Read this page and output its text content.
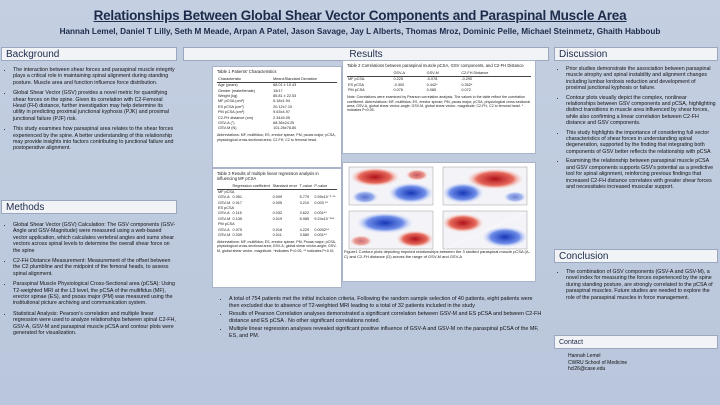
Relationships Between Global Shear Vector Components and Paraspinal Muscle Area
Hannah Lemel, Daniel T Lilly, Seth M Meade, Arpan A Patel, Jason Savage, Jay L Alberts, Thomas Mroz, Dominic Pelle, Michael Steinmetz, Ghaith Habboub
Background
• The interaction between shear forces and paraspinal muscle integrity plays a critical role in maintaining spinal alignment during standing posture. Muscle area and function influence force distribution.
• Global Shear Vector (GSV) provides a novel metric for quantifying shear forces on the spine. Given its correlation with C2-Femoral Head (FH) distance, further investigation may help determine its utility in predicting proximal junctional kyphosis (PJK) and proximal junctional failure (PJF) risk.
• This study examines how paraspinal area relates to the shear forces experienced by the spine. A better understanding of this relationship may provide insights into factors contributing to junctional failure and postoperative alignment.
Methods
• Global Shear Vector (GSV) Calculation: The GSV components (GSV-Angle and GSV-Magnitude) were measured using a web-based vector application, which calculates vertebral angles and sums shear vectors across spinal levels to determine the overall shear force on the spine
• C2-FH Distance Measurement: Measurement of the offset between the C2 plumbline and the midpoint of the femoral heads, to assess spinal alignment.
• Paraspinal Muscle Physiological Cross-Sectional area (pCSA): Using T2-weighted MRI at the L3 level, the pCSA of the multifidus (MF), erector spinae (ES), and psoas major (PM) was measured using the institutional picture archiving and communication system.
• Statistical Analysis: Pearson's correlation and multiple linear regression were used to analyze relationships between spinal C2-FH, GSV-A, GSV-M and paraspinal muscle pCSA and contour plots were generated for visualization.
Results
Table 1 Patients' Characteristics
Characteristic	Mean±Standard Deviation
Age (years)	68.01 ± 10.43
Gender (male/female)	15/17
Weight (kg)	85.81 ± 22.53
MF pCSA (cm²)	5.18±1.94
ES pCSA (cm²)	20.12±7.10
PM pCSA (cm²)	9.63±4.97
C2-FH distance (cm)	2.34±5.05
GSV-A (°)	68.36±24.25
GSV-M (N)	101.26±78.80
Abbreviations: MF, multifidus; ES, erector spinae; PM, psoas major; pCSA, physiological cross-sectional area; C2-FH, C2 to femoral head.
Table 3 Results of multiple linear regression analysis in influencing MF pCSA
	Regression coefficient	Standard error	T-value	P-value
MF pCSA				
GSV-A	0.051	0.009	5.779	2.59x10⁻⁶ **
GSV-M	0.017	0.005	3.210	0.003 **
ES pCSA				
GSV-A	0.115	0.032	3.622	0.001**
GSV-M	0.135	0.019	6.985	9.24x10⁻⁸**
PM pCSA				
GSV-A	0.075	0.018	4.229	0.0002**
GSV-M	0.039	0.011	3.580	0.001**
Abbreviations: MF, multifidus; ES, erector spinae; PM, Psoas major; pCSA, physiological cross-sectional area; GSV-A, global shear vector-angle; GSV-M, global shear vector- magnitude. *indicates P<0.05, ** indicates P<0.01
Table 2 Correlations between paraspinal muscle pCSA, GSV components, and C2-FH Distance
	GSV-A	GSV-M	C2-FH Distance
MF pCSA	0.225	-0.078	-0.290
ES pCSA	-0.300	0.442*	0.352*
PM pCSA	0.076	0.085	0.072
Note: Correlations were examined by Pearson correlation analysis. The values in the table reflect the correlation coefficient. Abbreviations: MF, multifidus; ES, erector spinae; PM, psoas major; pCSA, physiological cross-sectional area; GSV-A, global shear vector-angle; GSV-M, global shear vector- magnitude; C2-FH, C2 to femoral head. * indicates P<0.05.
Figure1 Contour plots depicting imputed relationships between the 3 studied paraspinal muscle pCSA (A-C) and C2-FH distance (D) across the range of GSV-M and GSV-A
• A total of 754 patients met the initial inclusion criteria. Following the random sample selection of 40 patients, eight patients were then excluded due to absence of T2-weighted MRI leading to a total of 32 patients included in the study
• Results of Pearson Correlation analyses demonstrated a significant correlation between GSV-M and ES pCSA and between C2-FH distance and ES pCSA . No other significant correlations noted.
• Multiple linear regression analyses revealed significant positive influence of GSV-A and GSV-M on the paraspinal pCSA of the MF, ES, and PM.
Discussion
• Prior studies demonstrate the association between paraspinal muscle atrophy and spinal instability and alignment changes including lumbar lordosis reduction and development of proximal junctional kyphosis or failure.
• Contour plots visually depict the complex, nonlinear relationships between GSV components and pCSA, highlighting distinct transitions in muscle area influenced by shear forces, while also confirming a linear correlation between C2-FH distance and GSV components.
• This study highlights the importance of considering full vector characteristics of shear forces in understanding spinal degeneration, supported by the finding that integrating both components of GSV better reflects the relationship with pCSA
• Examining the relationship between paraspinal muscle pCSA and GSV components supports GSV's potential as a predictive tool for spinal alignment, reinforcing previous findings that increased C2-FH distance correlates with greater shear forces and necessitates increased muscular support.
Conclusion
• The combination of GSV components (GSV-A and GSV-M), a novel index for measuring the forces experienced by the spine during standing posture, are strongly correlated to the pCSA of paraspinal muscles. Future studies are needed to explore the role of the paraspinal muscles in force management.
Contact
Hannah Lemel
CWRU School of Medicine
hcl26@case.edu
